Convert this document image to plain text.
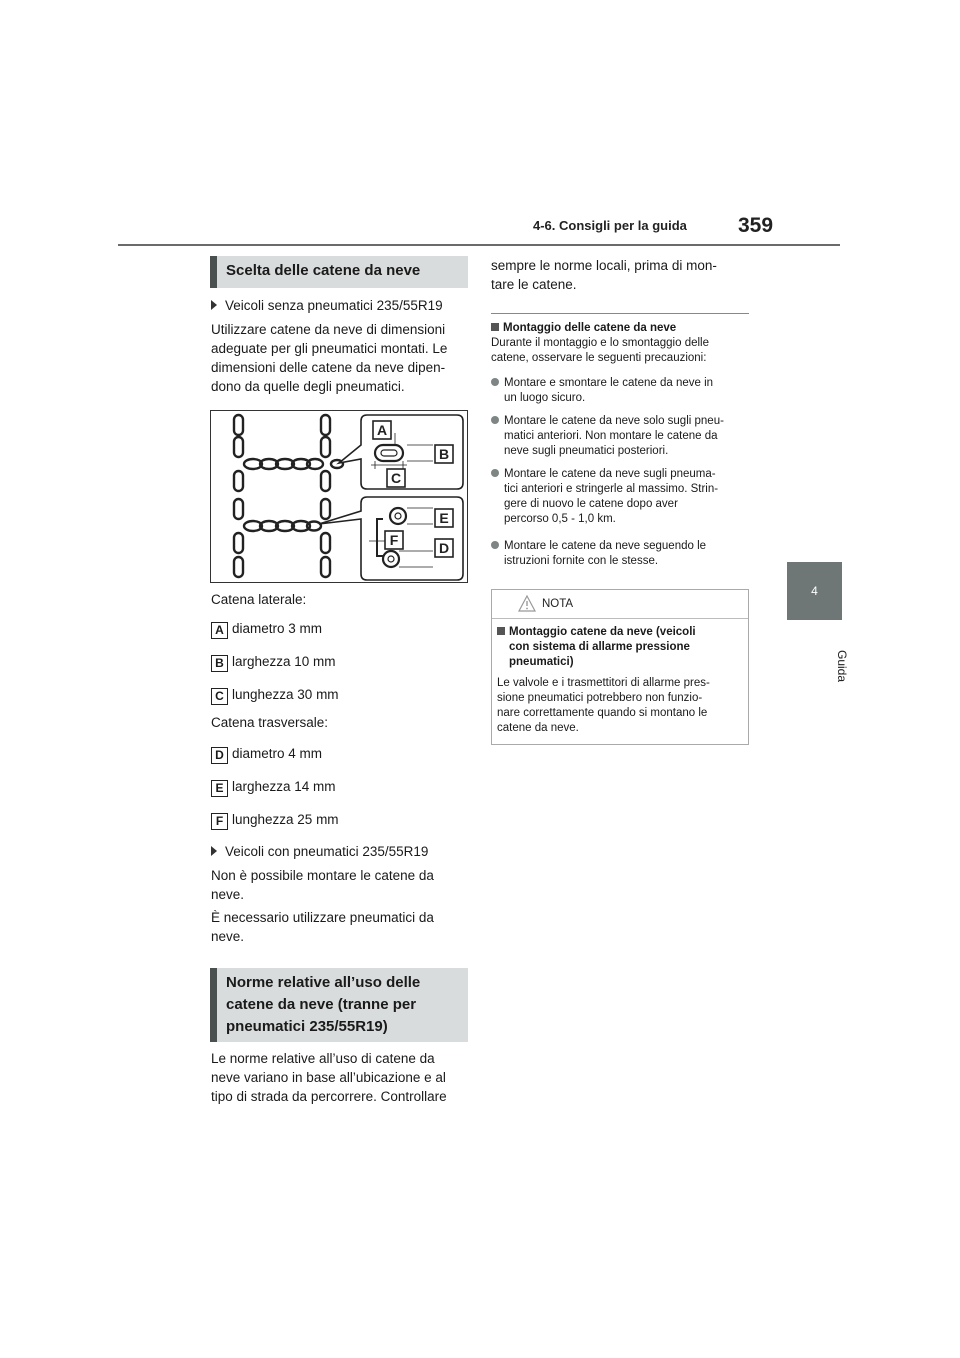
4-6. Consigli per la guida 359
4
Guida
Scelta delle catene da neve
Veicoli senza pneumatici 235/55R19
Utilizzare catene da neve di dimensioni
adeguate per gli pneumatici montati. Le
dimensioni delle catene da neve dipen-
dono da quelle degli pneumatici.
A
B
C
E
F	D
Catena laterale:
A diametro 3 mm
B larghezza 10 mm
C lunghezza 30 mm
Catena trasversale:
D diametro 4 mm
E larghezza 14 mm
F lunghezza 25 mm
Veicoli con pneumatici 235/55R19
Non è possibile montare le catene da
neve.
È necessario utilizzare pneumatici da
neve.
Norme relative all’uso delle
catene da neve (tranne per
pneumatici 235/55R19)
Le norme relative all’uso di catene da
neve variano in base all’ubicazione e al
tipo di strada da percorrere. Controllare
sempre le norme locali, prima di mon-
tare le catene.
Montaggio delle catene da neve
Durante il montaggio e lo smontaggio delle
catene, osservare le seguenti precauzioni:
Montare e smontare le catene da neve in
un luogo sicuro.
Montare le catene da neve solo sugli pneu-
matici anteriori. Non montare le catene da
neve sugli pneumatici posteriori.
Montare le catene da neve sugli pneuma-
tici anteriori e stringerle al massimo. Strin-
gere di nuovo le catene dopo aver
percorso 0,5 - 1,0 km.
Montare le catene da neve seguendo le
istruzioni fornite con le stesse.
NOTA
Montaggio catene da neve (veicoli
con sistema di allarme pressione
pneumatici)
Le valvole e i trasmettitori di allarme pres-
sione pneumatici potrebbero non funzio-
nare correttamente quando si montano le
catene da neve.
